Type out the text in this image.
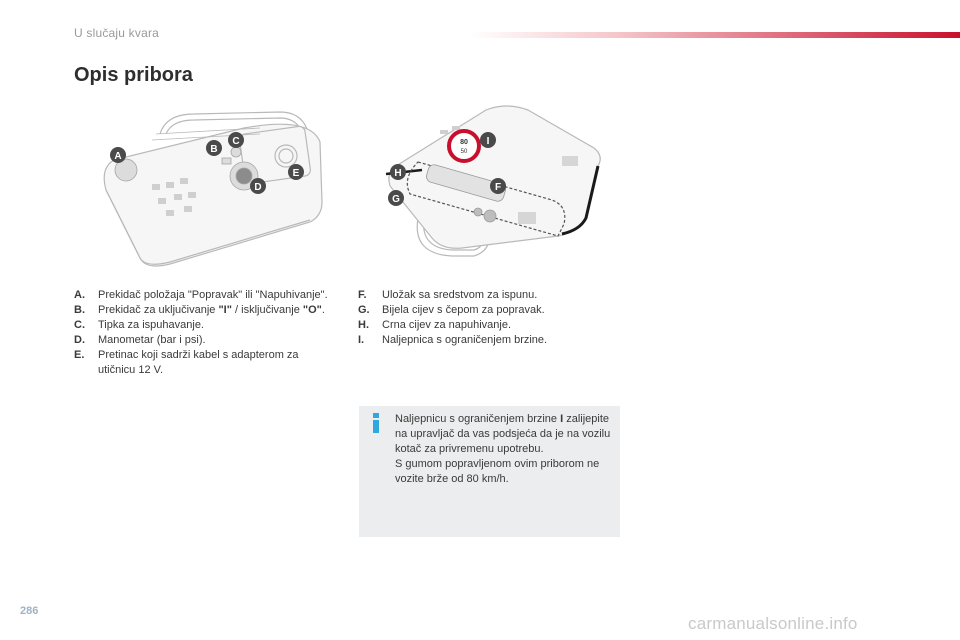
U slučaju kvara
Opis pribora
A
B
C
D
E
80
50
I
F
H
G
A.	Prekidač položaja "Popravak" ili "Napuhivanje".
B.	Prekidač za uključivanje "I" / isključivanje "O".
C.	Tipka za ispuhavanje.
D.	Manometar (bar i psi).
E.	Pretinac koji sadrži kabel s adapterom za utičnicu 12 V.
F.	Uložak sa sredstvom za ispunu.
G.	Bijela cijev s čepom za popravak.
H.	Crna cijev za napuhivanje.
I.	Naljepnica s ograničenjem brzine.
Naljepnicu s ograničenjem brzine I zalijepite na upravljač da vas podsjeća da je na vozilu kotač za privremenu upotrebu.
S gumom popravljenom ovim priborom ne vozite brže od 80 km/h.
286
carmanualsonline.info
